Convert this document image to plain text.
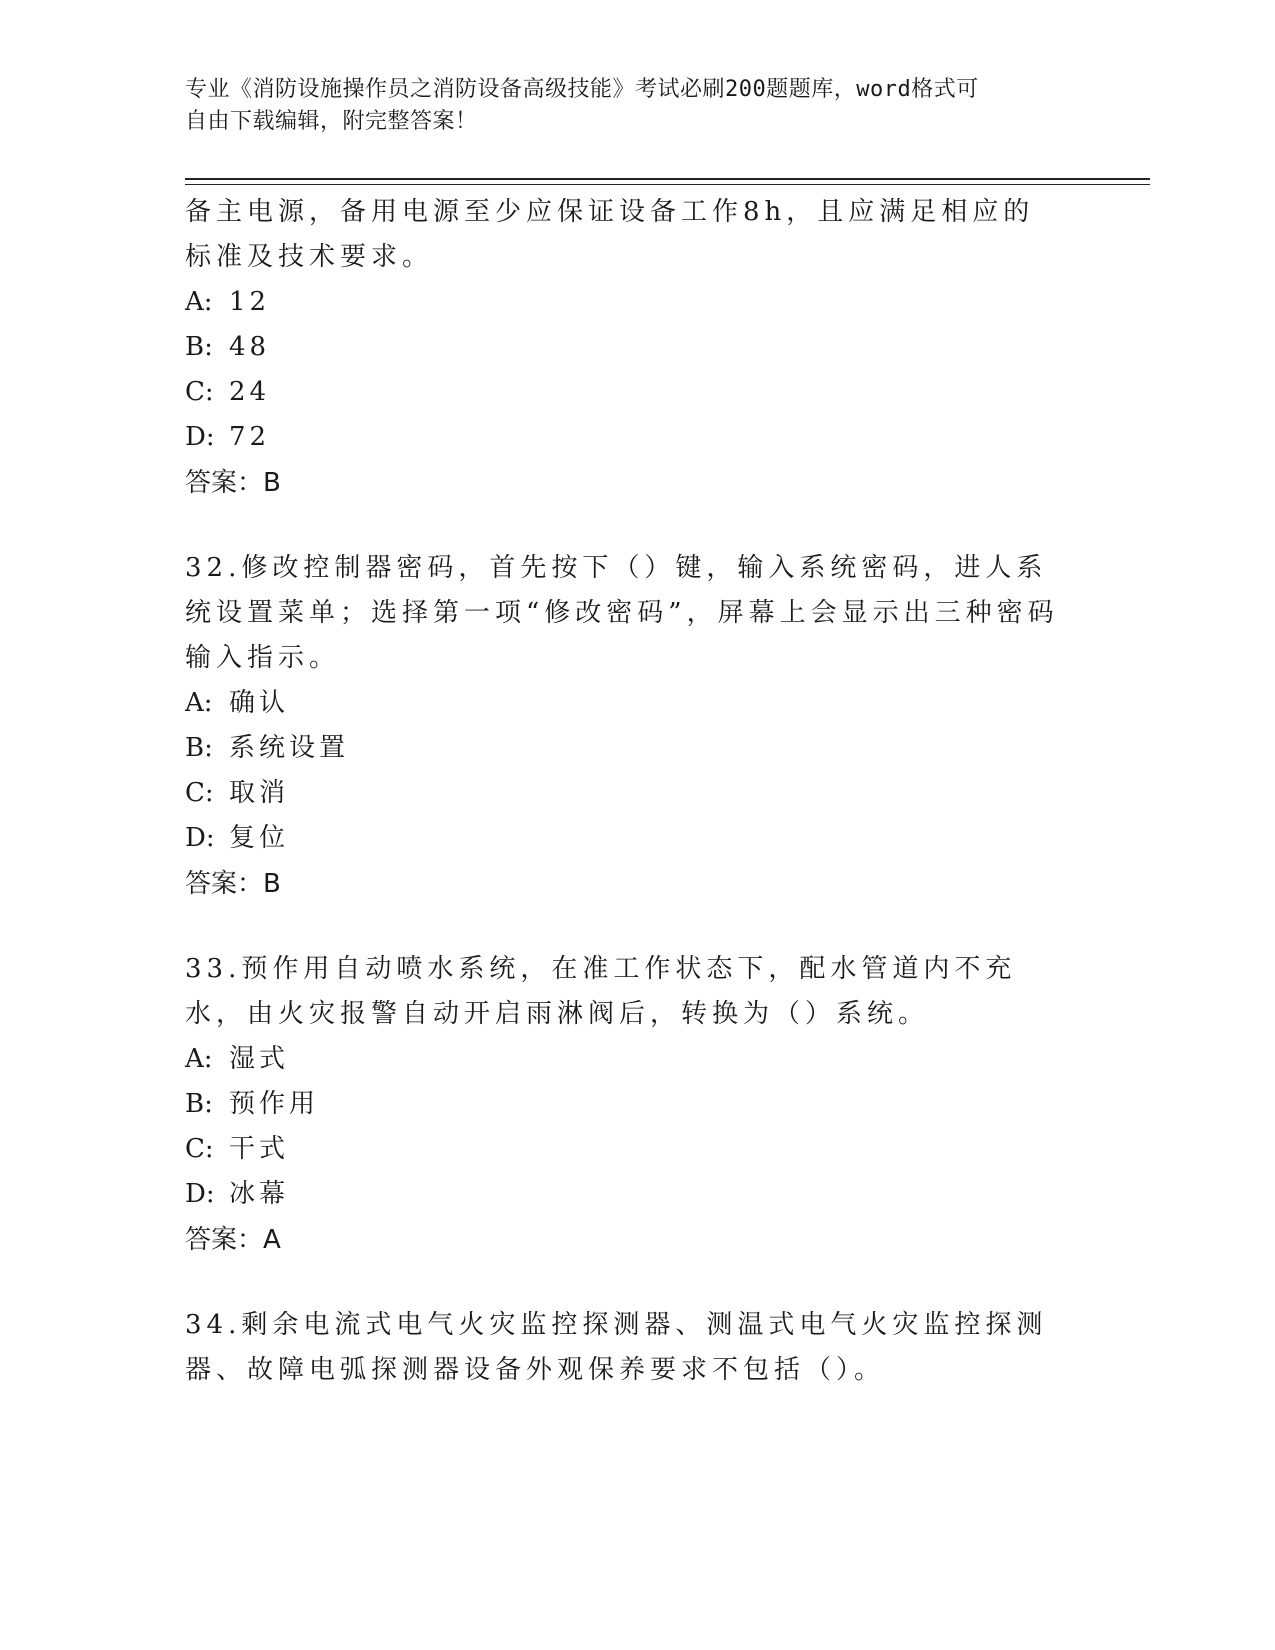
专业《消防设施操作员之消防设备高级技能》考试必刷200题题库，word格式可
自由下载编辑，附完整答案！
备主电源，备用电源至少应保证设备工作8h，且应满足相应的标准及技术要求。
A: 12
B: 48
C: 24
D: 72
答案：B
32.修改控制器密码，首先按下（）键，输入系统密码，进人系统设置菜单；选择第一项“修改密码”，屏幕上会显示出三种密码输入指示。
A: 确认
B: 系统设置
C: 取消
D: 复位
答案：B
33.预作用自动喷水系统，在准工作状态下，配水管道内不充水，由火灾报警自动开启雨淋阀后，转换为（）系统。
A: 湿式
B: 预作用
C: 干式
D: 冰幕
答案：A
34.剩余电流式电气火灾监控探测器、测温式电气火灾监控探测器、故障电弧探测器设备外观保养要求不包括（）。
